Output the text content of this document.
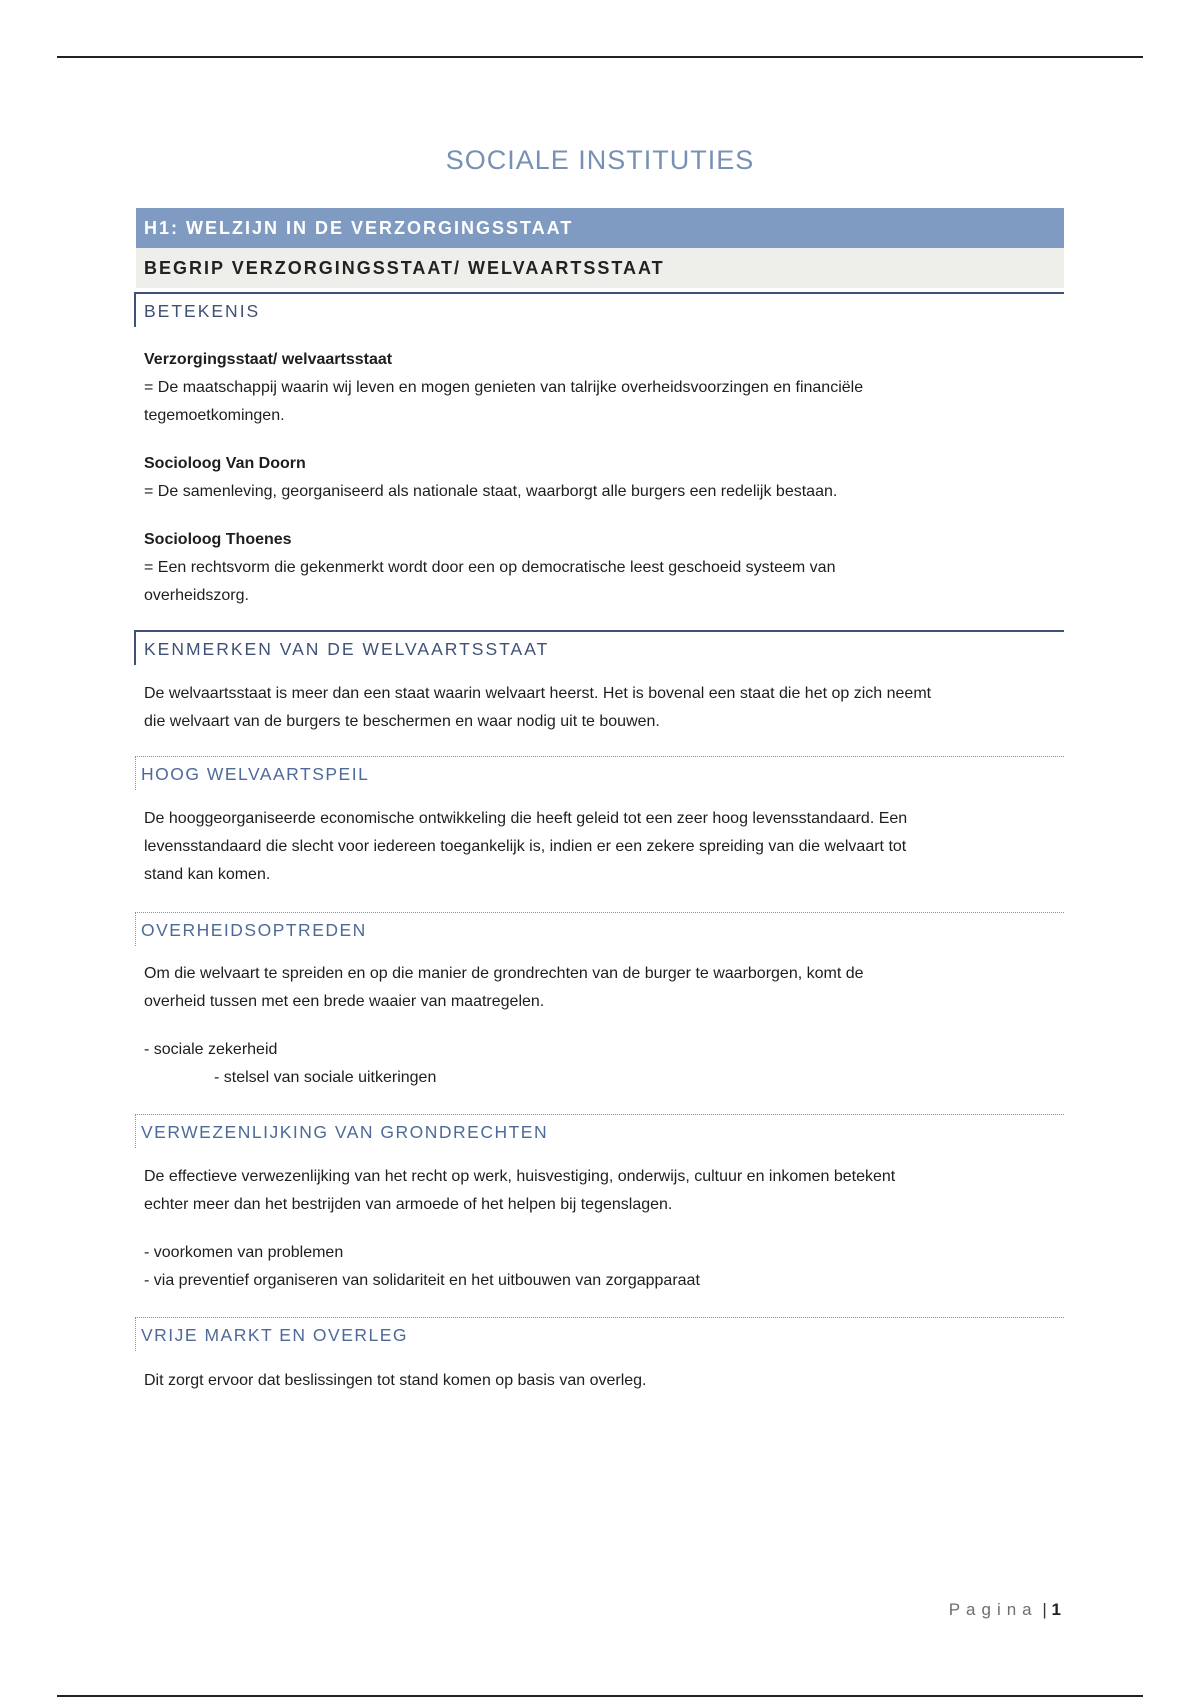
SOCIALE INSTITUTIES
H1: WELZIJN IN DE VERZORGINGSSTAAT
BEGRIP VERZORGINGSSTAAT/ WELVAARTSSTAAT
BETEKENIS

Verzorgingsstaat/ welvaartsstaat

= De maatschappij waarin wij leven en mogen genieten van talrijke overheidsvoorzingen en financiële

tegemoetkomingen.

Socioloog Van Doorn

= De samenleving, georganiseerd als nationale staat, waarborgt alle burgers een redelijk bestaan.

Socioloog Thoenes

= Een rechtsvorm die gekenmerkt wordt door een op democratische leest geschoeid systeem van

overheidszorg.

KENMERKEN VAN DE WELVAARTSSTAAT

De welvaartsstaat is meer dan een staat waarin welvaart heerst. Het is bovenal een staat die het op zich neemt

die welvaart van de burgers te beschermen en waar nodig uit te bouwen.

HOOG WELVAARTSPEIL

De hooggeorganiseerde economische ontwikkeling die heeft geleid tot een zeer hoog levensstandaard. Een

levensstandaard die slecht voor iedereen toegankelijk is, indien er een zekere spreiding van die welvaart tot

stand kan komen.

OVERHEIDSOPTREDEN

Om die welvaart te spreiden en op die manier de grondrechten van de burger te waarborgen, komt de

overheid tussen met een brede waaier van maatregelen.

- sociale zekerheid

- stelsel van sociale uitkeringen

VERWEZENLIJKING VAN GRONDRECHTEN

De effectieve verwezenlijking van het recht op werk, huisvestiging, onderwijs, cultuur en inkomen betekent

echter meer dan het bestrijden van armoede of het helpen bij tegenslagen.

- voorkomen van problemen

- via preventief organiseren van solidariteit en het uitbouwen van zorgapparaat

VRIJE MARKT EN OVERLEG

Dit zorgt ervoor dat beslissingen tot stand komen op basis van overleg.

Pagina | 1
